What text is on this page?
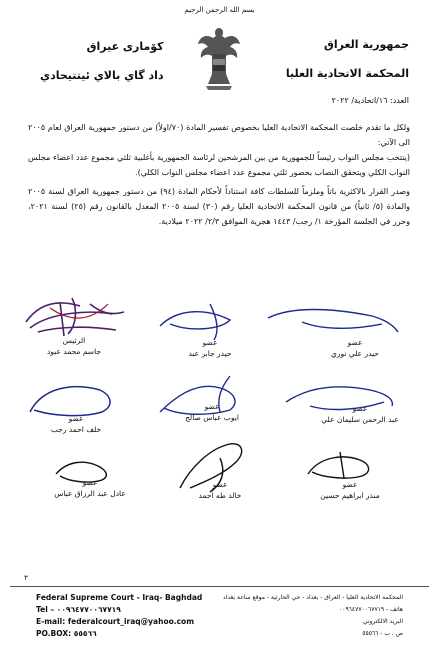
بسم الله الرحمن الرحيم
جمهورية العراق
المحكمة الاتحادية العليا
كۆماری عیراق
داد گاي بالاي ئيتتيحادي
العدد: ١٦/اتحادية/ ٢٠٢٢

ولكل ما تقدم خلصت المحكمة الاتحادية العليا بخصوص تفسير المادة (٧٠/اولاً) من دستور جمهورية العراق لعام ٢٠٠٥ الى الآتي:

(ينتخب مجلس النواب رئيساً للجمهورية من بين المرشحين لرئاسة الجمهورية بأغلبية ثلثي مجموع عدد اعضاء مجلس النواب الكلي ويتحقق النصاب بحضور ثلثي مجموع عدد اعضاء مجلس النواب الكلي).

وصدر القرار بالاكثرية باتاً وملزماً للسلطات كافة استناداً لأحكام المادة (٩٤) من دستور جمهورية العراق لسنة ٢٠٠٥ والمادة (٥/ ثانياً) من قانون المحكمة الاتحادية العليا رقم (٣٠) لسنة ٢٠٠٥ المعدل بالقانون رقم (٢٥) لسنة ٢٠٢١، وحرر في الجلسة المؤرخة ١/ رجب/ ١٤٤٣ هجرية الموافق ٢/٣/ ٢٠٢٢ ميلادية.

الرئيس
جاسم محمد عبود
عضو
حيدر جابر عبد
عضو
حيدر علي نوري
عضو
خلف احمد رجب
عضو
ايوب عباس صالح
عضو
عبد الرحمن سليمان علي
عضو
عادل عبد الرزاق عباس
عضو
خالد طه احمد
عضو
منذر ابراهيم حسين
٣
Federal Supreme Court - Iraq- Baghdad
Tel – ٠٠٩٦٤٧٧٠٠٦٧٧١٩
E-mail: federalcourt_iraq@yahoo.com
PO.BOX: ٥٥٥٦٦
المحكمة الاتحادية العليا - العراق - بغداد - حي الحارثية - موقع ساعة بغداد
هاتف - ٠٠٩٦٤٧٧٠٠٦٧٧١٩
البريد الالكتروني
ص . ب - ٥٥٥٦٦
